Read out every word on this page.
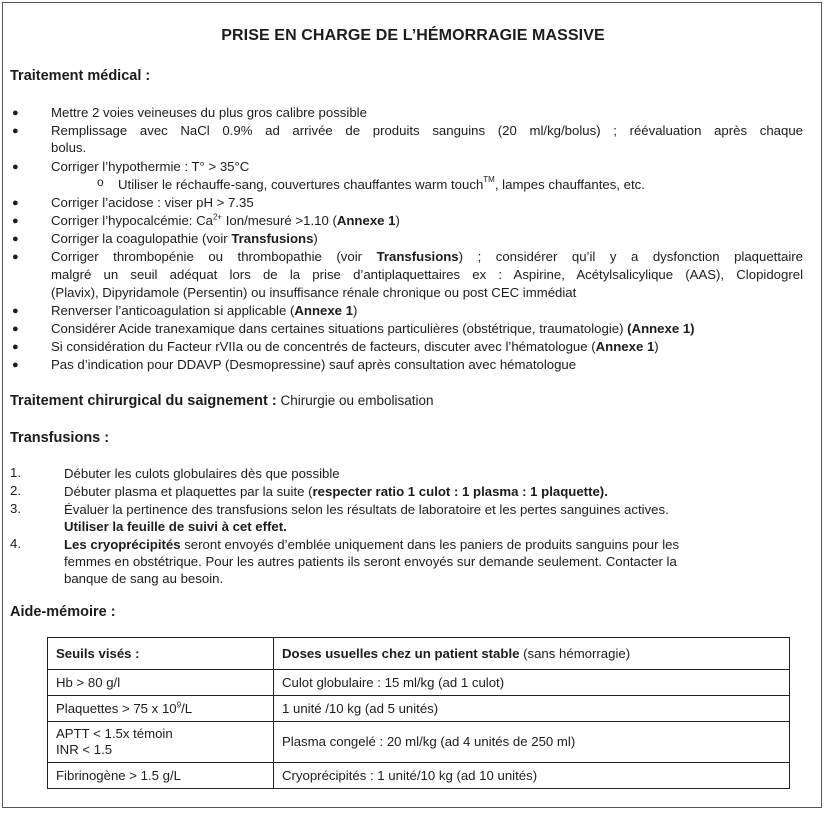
PRISE EN CHARGE DE L’HÉMORRAGIE MASSIVE
Traitement médical :
● Mettre 2 voies veineuses du plus gros calibre possible
● Remplissage avec NaCl 0.9% ad arrivée de produits sanguins (20 ml/kg/bolus) ; réévaluation après chaque
bolus.
● Corriger l’hypothermie : T° > 35°C
o Utiliser le réchauffe-sang, couvertures chauffantes warm touch™, lampes chauffantes, etc.
● Corriger l’acidose : viser pH > 7.35
● Corriger l’hypocalcémie: $Ca^{2+}$ Ion/mesuré >1.10 (Annexe 1)
● Corriger la coagulopathie (voir Transfusions)
● Corriger thrombopénie ou thrombopathie (voir Transfusions) ; considérer qu’il y a dysfonction plaquettaire
malgré un seuil adéquat lors de la prise d’antiplaquettaires ex : Aspirine, Acétylsalicylique (AAS), Clopidogrel
(Plavix), Dipyridamole (Persentin) ou insuffisance rénale chronique ou post CEC immédiat
● Renverser l’anticoagulation si applicable (Annexe 1)
● Considérer Acide tranexamique dans certaines situations particulières (obstétrique, traumatologie) (Annexe 1)
● Si considération du Facteur rVIIa ou de concentrés de facteurs, discuter avec l’hématologue (Annexe 1)
● Pas d’indication pour DDAVP (Desmopressine) sauf après consultation avec hématologue
Traitement chirurgical du saignement : Chirurgie ou embolisation
Transfusions :
1.	Débuter les culots globulaires dès que possible
2.	Débuter plasma et plaquettes par la suite (respecter ratio 1 culot : 1 plasma : 1 plaquette).
3.	Évaluer la pertinence des transfusions selon les résultats de laboratoire et les pertes sanguines actives.
Utiliser la feuille de suivi à cet effet.
4.	Les cryoprécipités seront envoyés d’emblée uniquement dans les paniers de produits sanguins pour les
femmes en obstétrique. Pour les autres patients ils seront envoyés sur demande seulement. Contacter la
banque de sang au besoin.
Aide-mémoire :
Seuils visés :	Doses usuelles chez un patient stable (sans hémorragie)
Hb > 80 g/l	Culot globulaire : 15 ml/kg (ad 1 culot)
Plaquettes > 75 x $10^9/L$	1 unité /10 kg (ad 5 unités)

APTT < 1.5x témoin
INR < 1.5	Plasma congelé : 20 ml/kg (ad 4 unités de 250 ml)
Fibrinogène > 1.5 g/L	Cryoprécipités : 1 unité/10 kg (ad 10 unités)
